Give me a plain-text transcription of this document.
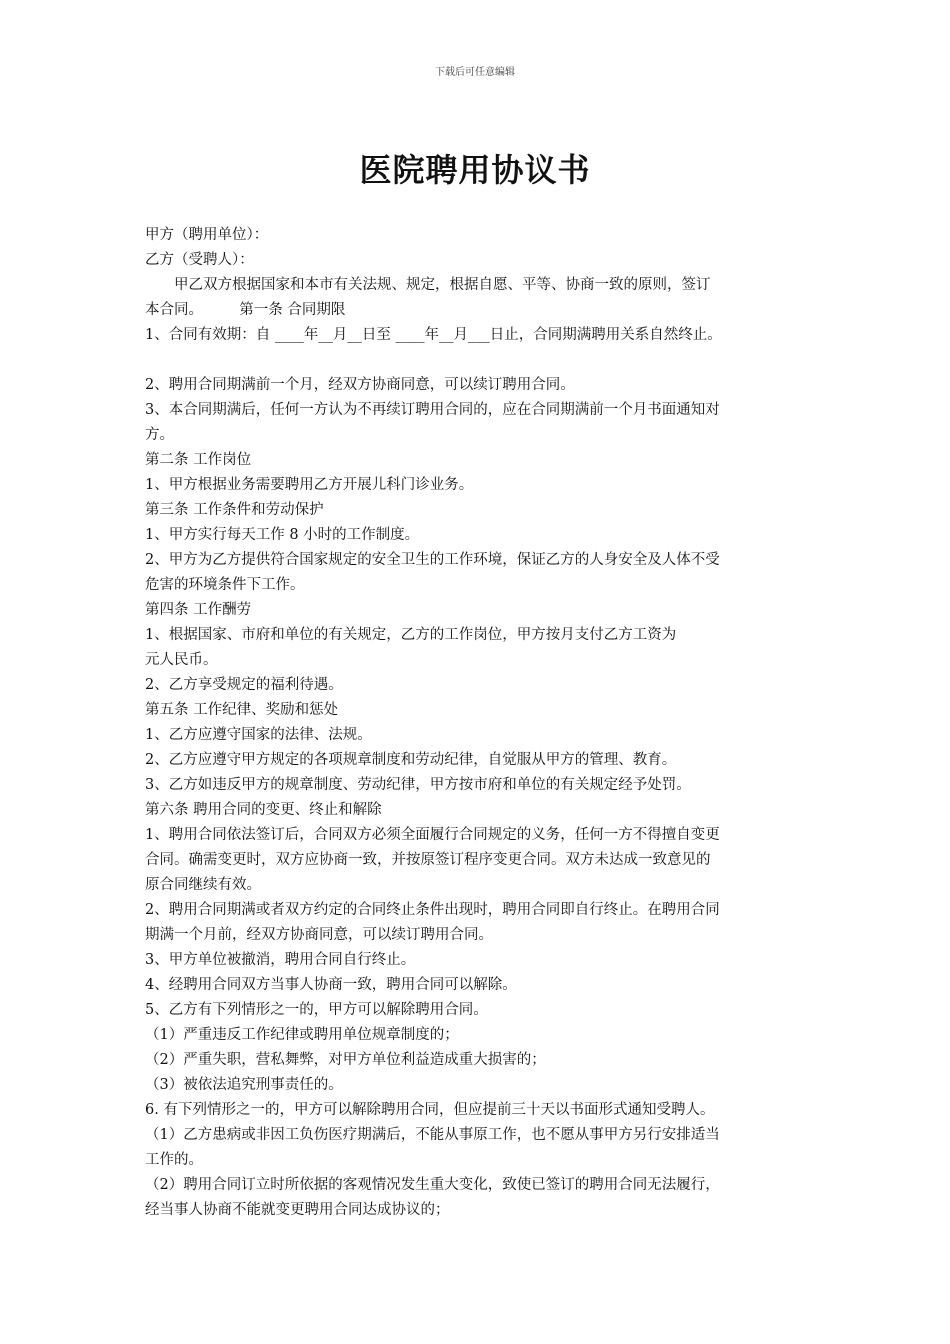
下载后可任意编辑
医院聘用协议书

甲方（聘用单位）：

乙方（受聘人）：

甲乙双方根据国家和本市有关法规、规定，根据自愿、平等、协商一致的原则，签订

本合同。　　　第一条 合同期限

1、合同有效期：自 ____年__月__日至 ____年__月___日止，合同期满聘用关系自然终止。

2、聘用合同期满前一个月，经双方协商同意，可以续订聘用合同。

3、本合同期满后，任何一方认为不再续订聘用合同的，应在合同期满前一个月书面通知对

方。

第二条 工作岗位

1、甲方根据业务需要聘用乙方开展儿科门诊业务。

第三条 工作条件和劳动保护

1、甲方实行每天工作 8 小时的工作制度。

2、甲方为乙方提供符合国家规定的安全卫生的工作环境，保证乙方的人身安全及人体不受

危害的环境条件下工作。

第四条 工作酬劳

1、根据国家、市府和单位的有关规定，乙方的工作岗位，甲方按月支付乙方工资为

元人民币。

2、乙方享受规定的福利待遇。

第五条 工作纪律、奖励和惩处

1、乙方应遵守国家的法律、法规。

2、乙方应遵守甲方规定的各项规章制度和劳动纪律，自觉服从甲方的管理、教育。

3、乙方如违反甲方的规章制度、劳动纪律，甲方按市府和单位的有关规定经予处罚。

第六条 聘用合同的变更、终止和解除

1、聘用合同依法签订后，合同双方必须全面履行合同规定的义务，任何一方不得擅自变更

合同。确需变更时，双方应协商一致，并按原签订程序变更合同。双方未达成一致意见的

原合同继续有效。

2、聘用合同期满或者双方约定的合同终止条件出现时，聘用合同即自行终止。在聘用合同

期满一个月前，经双方协商同意，可以续订聘用合同。

3、甲方单位被撤消，聘用合同自行终止。

4、经聘用合同双方当事人协商一致，聘用合同可以解除。

5、乙方有下列情形之一的，甲方可以解除聘用合同。

（1）严重违反工作纪律或聘用单位规章制度的；

（2）严重失职，营私舞弊，对甲方单位利益造成重大损害的；

（3）被依法追究刑事责任的。

6. 有下列情形之一的，甲方可以解除聘用合同，但应提前三十天以书面形式通知受聘人。

（1）乙方患病或非因工负伤医疗期满后，不能从事原工作，也不愿从事甲方另行安排适当

工作的。

（2）聘用合同订立时所依据的客观情况发生重大变化，致使已签订的聘用合同无法履行，

经当事人协商不能就变更聘用合同达成协议的；
